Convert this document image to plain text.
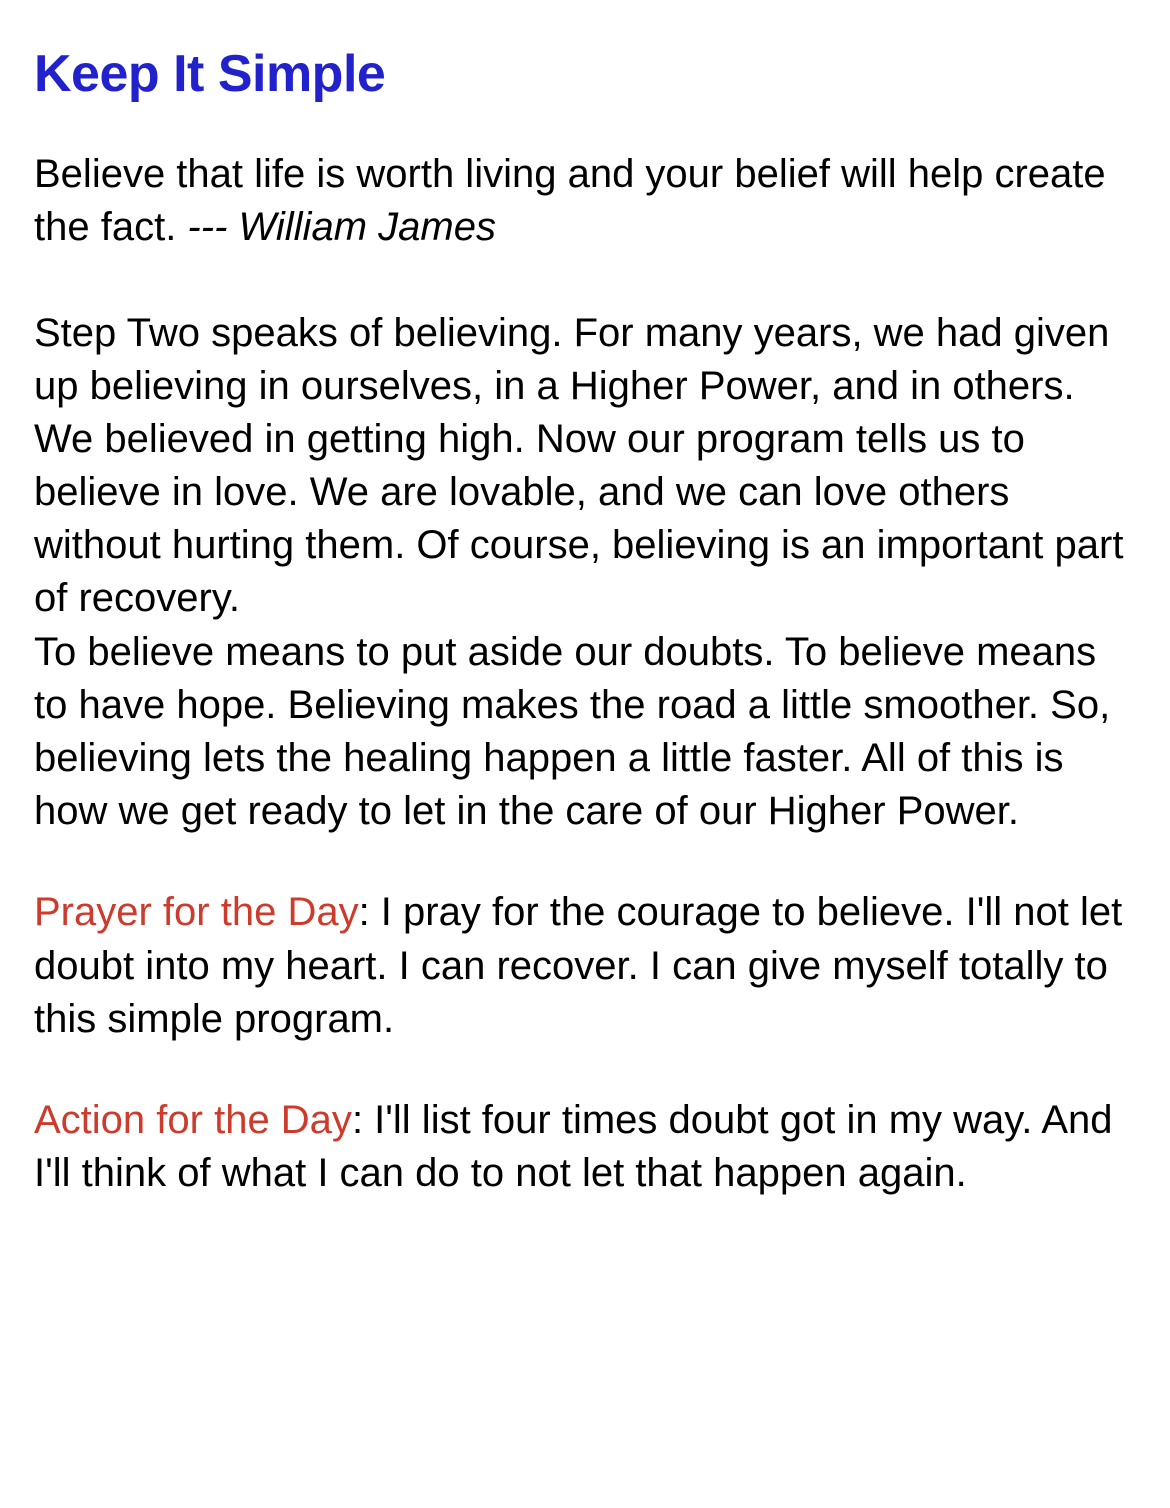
Keep It Simple

Believe that life is worth living and your belief will help create the fact. --- William James

Step Two speaks of believing. For many years, we had given up believing in ourselves, in a Higher Power, and in others. We believed in getting high. Now our program tells us to believe in love. We are lovable, and we can love others without hurting them. Of course, believing is an important part of recovery.

To believe means to put aside our doubts. To believe means to have hope. Believing makes the road a little smoother. So, believing lets the healing happen a little faster. All of this is how we get ready to let in the care of our Higher Power.

Prayer for the Day: I pray for the courage to believe. I'll not let doubt into my heart. I can recover. I can give myself totally to this simple program.

Action for the Day: I'll list four times doubt got in my way. And I'll think of what I can do to not let that happen again.
